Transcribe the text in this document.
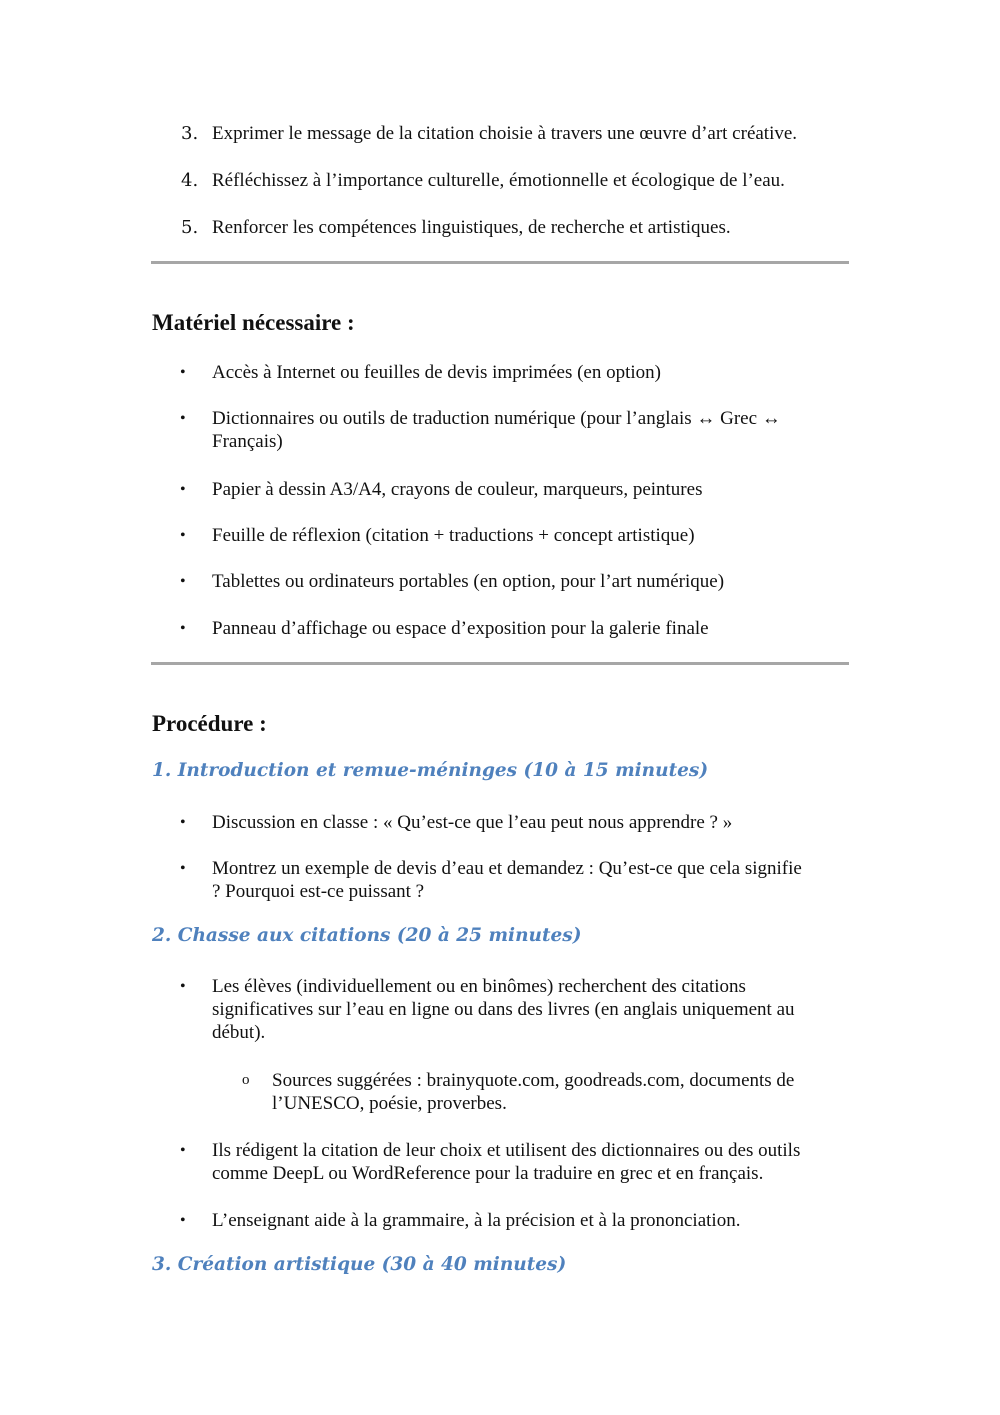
3. Exprimer le message de la citation choisie à travers une œuvre d’art créative.
4. Réfléchissez à l’importance culturelle, émotionnelle et écologique de l’eau.
5. Renforcer les compétences linguistiques, de recherche et artistiques.
Matériel nécessaire :
• Accès à Internet ou feuilles de devis imprimées (en option)
• Dictionnaires ou outils de traduction numérique (pour l’anglais ↔ Grec ↔ Français)
• Papier à dessin A3/A4, crayons de couleur, marqueurs, peintures
• Feuille de réflexion (citation + traductions + concept artistique)
• Tablettes ou ordinateurs portables (en option, pour l’art numérique)
• Panneau d’affichage ou espace d’exposition pour la galerie finale
Procédure :
1. Introduction et remue-méninges (10 à 15 minutes)
• Discussion en classe : « Qu’est-ce que l’eau peut nous apprendre ? »
• Montrez un exemple de devis d’eau et demandez : Qu’est-ce que cela signifie ? Pourquoi est-ce puissant ?
2. Chasse aux citations (20 à 25 minutes)
• Les élèves (individuellement ou en binômes) recherchent des citations significatives sur l’eau en ligne ou dans des livres (en anglais uniquement au début).
o Sources suggérées : brainyquote.com, goodreads.com, documents de l’UNESCO, poésie, proverbes.
• Ils rédigent la citation de leur choix et utilisent des dictionnaires ou des outils comme DeepL ou WordReference pour la traduire en grec et en français.
• L’enseignant aide à la grammaire, à la précision et à la prononciation.
3. Création artistique (30 à 40 minutes)
